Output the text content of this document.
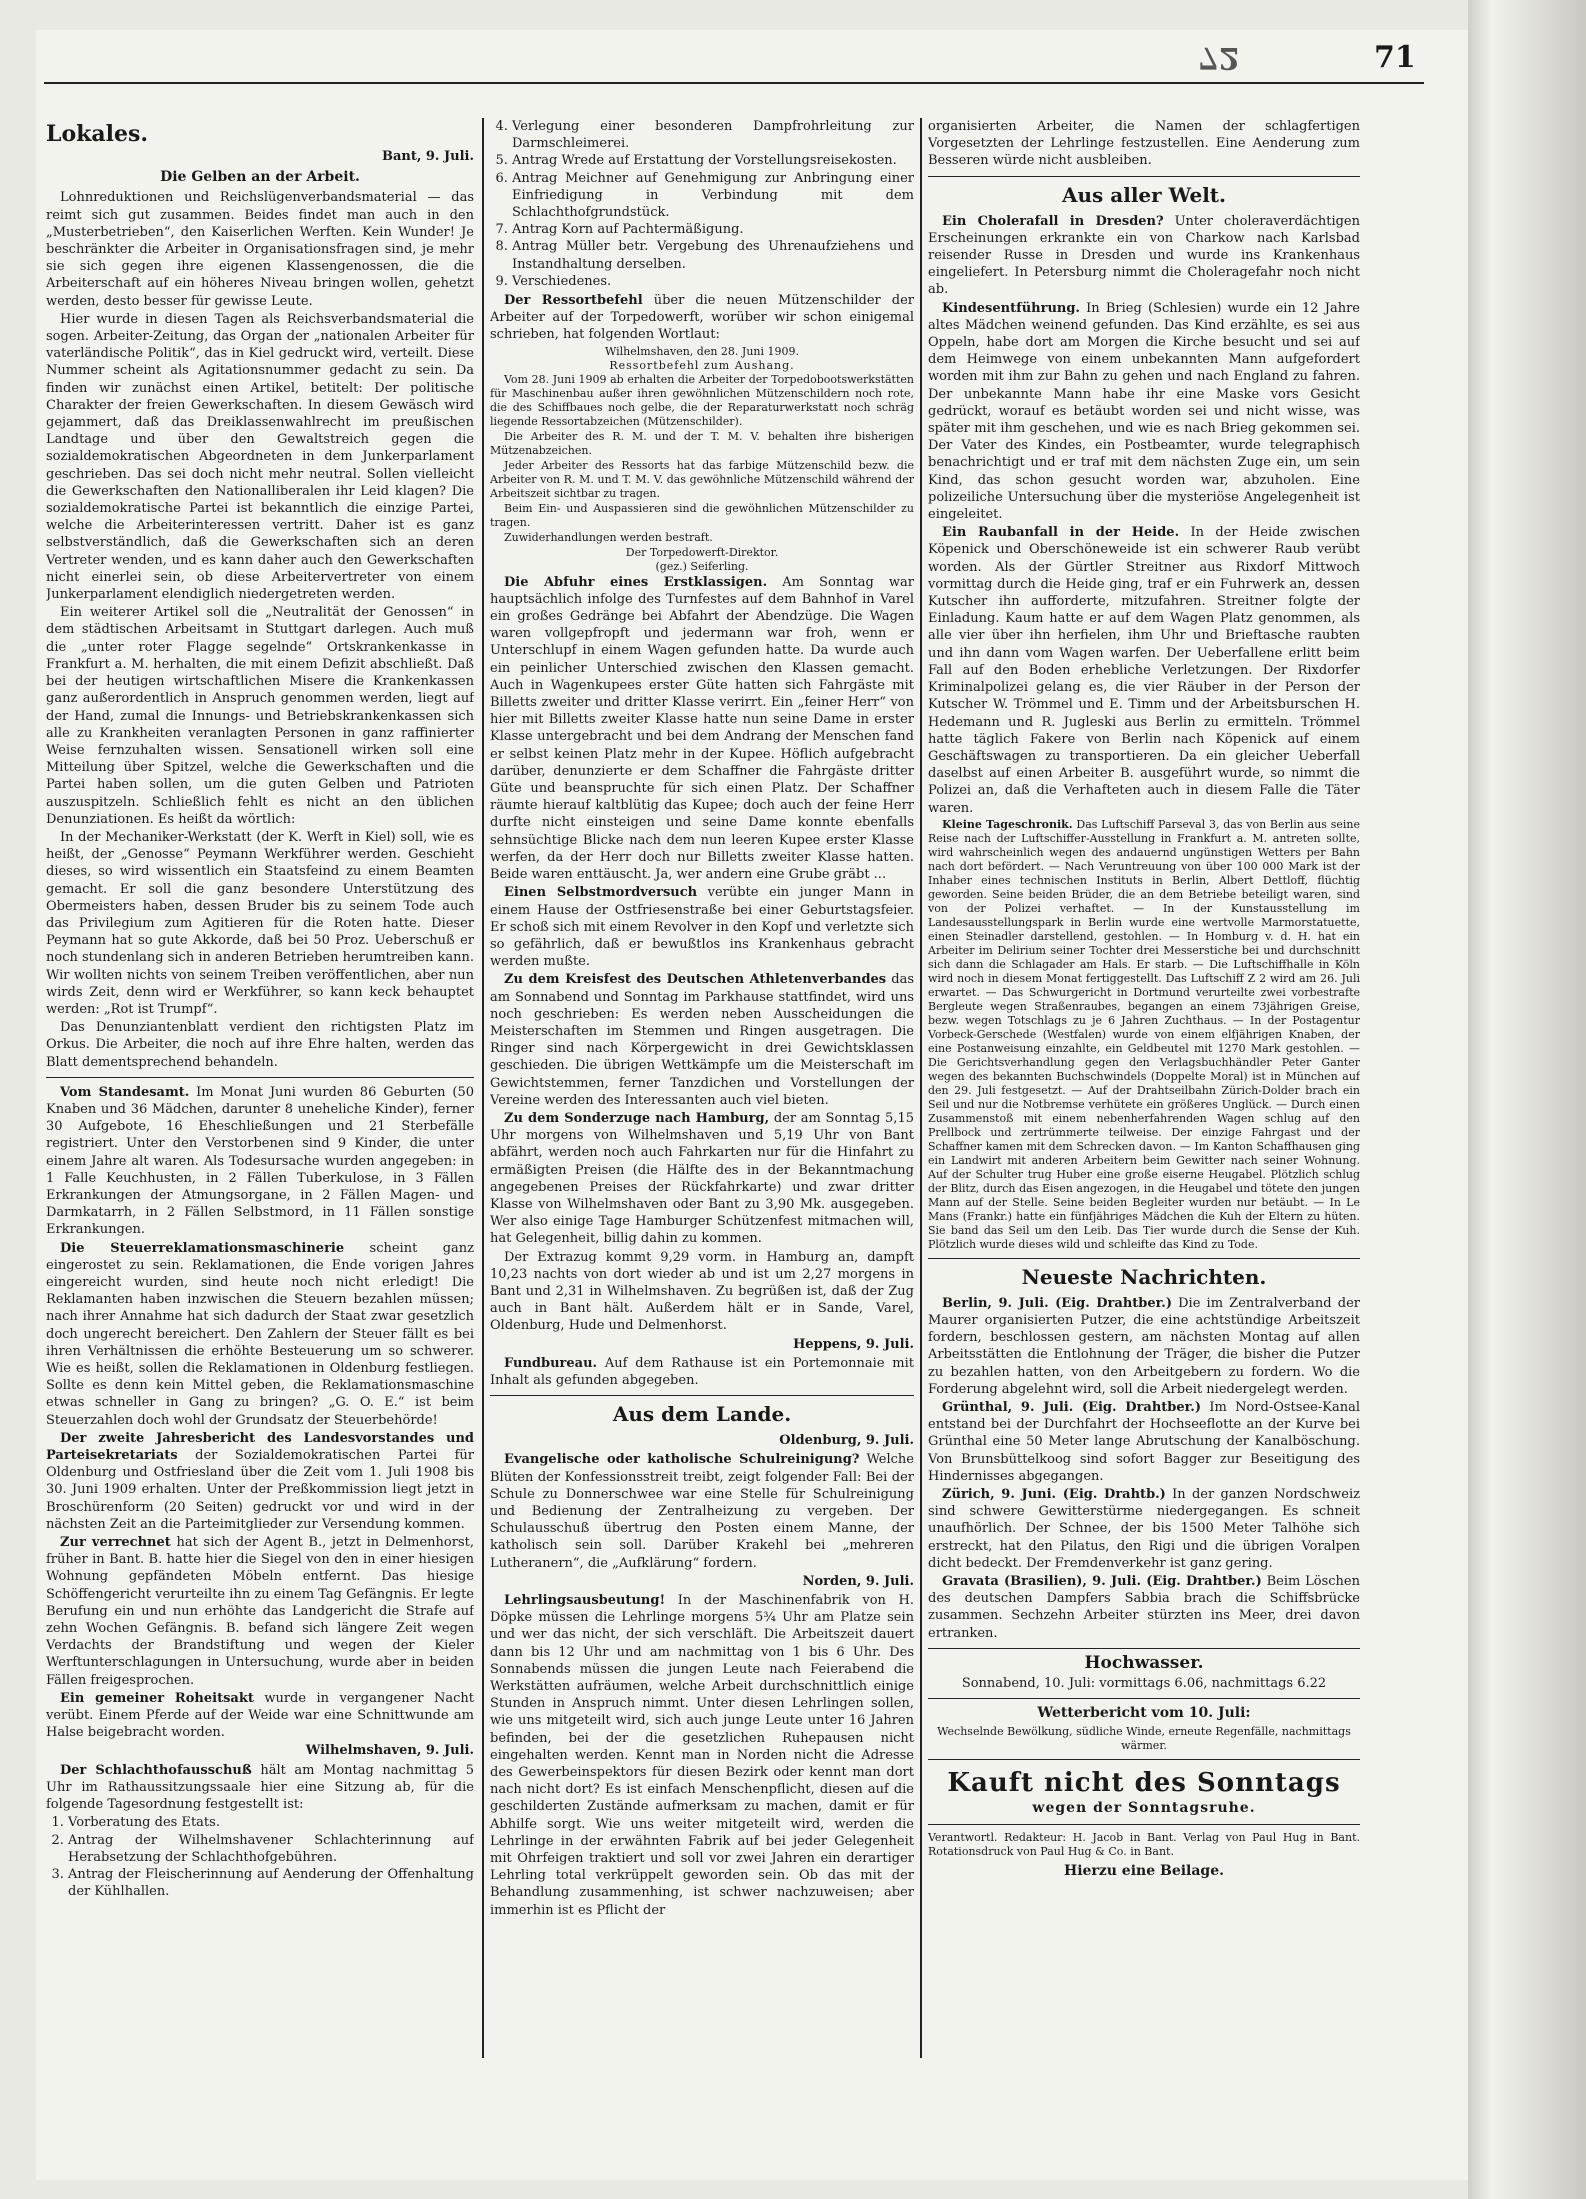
72	71
Lokales.
Bant, 9. Juli.
Die Gelben an der Arbeit.

Lohnreduktionen und Reichslügenverbandsmaterial — das reimt sich gut zusammen. Beides findet man auch in den „Musterbetrieben“, den Kaiserlichen Werften. Kein Wunder! Je beschränkter die Arbeiter in Organisationsfragen sind, je mehr sie sich gegen ihre eigenen Klassengenossen, die die Arbeiterschaft auf ein höheres Niveau bringen wollen, gehetzt werden, desto besser für gewisse Leute.

Hier wurde in diesen Tagen als Reichsverbandsmaterial die sogen. Arbeiter-Zeitung, das Organ der „nationalen Arbeiter für vaterländische Politik“, das in Kiel gedruckt wird, verteilt. Diese Nummer scheint als Agitationsnummer gedacht zu sein. Da finden wir zunächst einen Artikel, betitelt: Der politische Charakter der freien Gewerkschaften. In diesem Gewäsch wird gejammert, daß das Dreiklassenwahlrecht im preußischen Landtage und über den Gewaltstreich gegen die sozialdemokratischen Abgeordneten in dem Junkerparlament geschrieben. Das sei doch nicht mehr neutral. Sollen vielleicht die Gewerkschaften den Nationalliberalen ihr Leid klagen? Die sozialdemokratische Partei ist bekanntlich die einzige Partei, welche die Arbeiterinteressen vertritt. Daher ist es ganz selbstverständlich, daß die Gewerkschaften sich an deren Vertreter wenden, und es kann daher auch den Gewerkschaften nicht einerlei sein, ob diese Arbeitervertreter von einem Junkerparlament elendiglich niedergetreten werden.

Ein weiterer Artikel soll die „Neutralität der Genossen“ in dem städtischen Arbeitsamt in Stuttgart darlegen. Auch muß die „unter roter Flagge segelnde“ Ortskrankenkasse in Frankfurt a. M. herhalten, die mit einem Defizit abschließt. Daß bei der heutigen wirtschaftlichen Misere die Krankenkassen ganz außerordentlich in Anspruch genommen werden, liegt auf der Hand, zumal die Innungs- und Betriebskrankenkassen sich alle zu Krankheiten veranlagten Personen in ganz raffinierter Weise fernzuhalten wissen. Sensationell wirken soll eine Mitteilung über Spitzel, welche die Gewerkschaften und die Partei haben sollen, um die guten Gelben und Patrioten auszuspitzeln. Schließlich fehlt es nicht an den üblichen Denunziationen. Es heißt da wörtlich:

In der Mechaniker-Werkstatt (der K. Werft in Kiel) soll, wie es heißt, der „Genosse“ Peymann Werkführer werden. Geschieht dieses, so wird wissentlich ein Staatsfeind zu einem Beamten gemacht. Er soll die ganz besondere Unterstützung des Obermeisters haben, dessen Bruder bis zu seinem Tode auch das Privilegium zum Agitieren für die Roten hatte. Dieser Peymann hat so gute Akkorde, daß bei 50 Proz. Ueberschuß er noch stundenlang sich in anderen Betrieben herumtreiben kann. Wir wollten nichts von seinem Treiben veröffentlichen, aber nun wirds Zeit, denn wird er Werkführer, so kann keck behauptet werden: „Rot ist Trumpf“.

Das Denunziantenblatt verdient den richtigsten Platz im Orkus. Die Arbeiter, die noch auf ihre Ehre halten, werden das Blatt dementsprechend behandeln.

Vom Standesamt. Im Monat Juni wurden 86 Geburten (50 Knaben und 36 Mädchen, darunter 8 uneheliche Kinder), ferner 30 Aufgebote, 16 Eheschließungen und 21 Sterbefälle registriert. Unter den Verstorbenen sind 9 Kinder, die unter einem Jahre alt waren. Als Todesursache wurden angegeben: in 1 Falle Keuchhusten, in 2 Fällen Tuberkulose, in 3 Fällen Erkrankungen der Atmungsorgane, in 2 Fällen Magen- und Darmkatarrh, in 2 Fällen Selbstmord, in 11 Fällen sonstige Erkrankungen.

Die Steuerreklamationsmaschinerie scheint ganz eingerostet zu sein. Reklamationen, die Ende vorigen Jahres eingereicht wurden, sind heute noch nicht erledigt! Die Reklamanten haben inzwischen die Steuern bezahlen müssen; nach ihrer Annahme hat sich dadurch der Staat zwar gesetzlich doch ungerecht bereichert. Den Zahlern der Steuer fällt es bei ihren Verhältnissen die erhöhte Besteuerung um so schwerer. Wie es heißt, sollen die Reklamationen in Oldenburg festliegen. Sollte es denn kein Mittel geben, die Reklamationsmaschine etwas schneller in Gang zu bringen? „G. O. E.“ ist beim Steuerzahlen doch wohl der Grundsatz der Steuerbehörde!

Der zweite Jahresbericht des Landesvorstandes und Parteisekretariats der Sozialdemokratischen Partei für Oldenburg und Ostfriesland über die Zeit vom 1. Juli 1908 bis 30. Juni 1909 erhalten. Unter der Preßkommission liegt jetzt in Broschürenform (20 Seiten) gedruckt vor und wird in der nächsten Zeit an die Parteimitglieder zur Versendung kommen.

Zur verrechnet hat sich der Agent B., jetzt in Delmenhorst, früher in Bant. B. hatte hier die Siegel von den in einer hiesigen Wohnung gepfändeten Möbeln entfernt. Das hiesige Schöffengericht verurteilte ihn zu einem Tag Gefängnis. Er legte Berufung ein und nun erhöhte das Landgericht die Strafe auf zehn Wochen Gefängnis. B. befand sich längere Zeit wegen Verdachts der Brandstiftung und wegen der Kieler Werftunterschlagungen in Untersuchung, wurde aber in beiden Fällen freigesprochen.

Ein gemeiner Roheitsakt wurde in vergangener Nacht verübt. Einem Pferde auf der Weide war eine Schnittwunde am Halse beigebracht worden.

Wilhelmshaven, 9. Juli.

Der Schlachthofausschuß hält am Montag nachmittag 5 Uhr im Rathaussitzungssaale hier eine Sitzung ab, für die folgende Tagesordnung festgestellt ist:

1. Vorberatung des Etats.
2. Antrag der Wilhelmshavener Schlachterinnung auf Herabsetzung der Schlachthofgebühren.
3. Antrag der Fleischerinnung auf Aenderung der Offenhaltung der Kühlhallen.
4. Verlegung einer besonderen Dampfrohrleitung zur Darmschleimerei.
5. Antrag Wrede auf Erstattung der Vorstellungsreisekosten.
6. Antrag Meichner auf Genehmigung zur Anbringung einer Einfriedigung in Verbindung mit dem Schlachthofgrundstück.
7. Antrag Korn auf Pachtermäßigung.
8. Antrag Müller betr. Vergebung des Uhrenaufziehens und Instandhaltung derselben.
9. Verschiedenes.

Der Ressortbefehl über die neuen Mützenschilder der Arbeiter auf der Torpedowerft, worüber wir schon einigemal schrieben, hat folgenden Wortlaut:

Wilhelmshaven, den 28. Juni 1909.
Ressortbefehl zum Aushang.

Vom 28. Juni 1909 ab erhalten die Arbeiter der Torpedobootswerkstätten für Maschinenbau außer ihren gewöhnlichen Mützenschildern noch rote, die des Schiffbaues noch gelbe, die der Reparaturwerkstatt noch schräg liegende Ressortabzeichen (Mützenschilder).

Die Arbeiter des R. M. und der T. M. V. behalten ihre bisherigen Mützenabzeichen.

Jeder Arbeiter des Ressorts hat das farbige Mützenschild bezw. die Arbeiter von R. M. und T. M. V. das gewöhnliche Mützenschild während der Arbeitszeit sichtbar zu tragen.

Beim Ein- und Auspassieren sind die gewöhnlichen Mützenschilder zu tragen.

Zuwiderhandlungen werden bestraft.

Der Torpedowerft-Direktor.
(gez.) Seiferling.

Die Abfuhr eines Erstklassigen. Am Sonntag war hauptsächlich infolge des Turnfestes auf dem Bahnhof in Varel ein großes Gedränge bei Abfahrt der Abendzüge. Die Wagen waren vollgepfropft und jedermann war froh, wenn er Unterschlupf in einem Wagen gefunden hatte. Da wurde auch ein peinlicher Unterschied zwischen den Klassen gemacht. Auch in Wagenkupees erster Güte hatten sich Fahrgäste mit Billetts zweiter und dritter Klasse verirrt. Ein „feiner Herr“ von hier mit Billetts zweiter Klasse hatte nun seine Dame in erster Klasse untergebracht und bei dem Andrang der Menschen fand er selbst keinen Platz mehr in der Kupee. Höflich aufgebracht darüber, denunzierte er dem Schaffner die Fahrgäste dritter Güte und beanspruchte für sich einen Platz. Der Schaffner räumte hierauf kaltblütig das Kupee; doch auch der feine Herr durfte nicht einsteigen und seine Dame konnte ebenfalls sehnsüchtige Blicke nach dem nun leeren Kupee erster Klasse werfen, da der Herr doch nur Billetts zweiter Klasse hatten. Beide waren enttäuscht. Ja, wer andern eine Grube gräbt ...

Einen Selbstmordversuch verübte ein junger Mann in einem Hause der Ostfriesenstraße bei einer Geburtstagsfeier. Er schoß sich mit einem Revolver in den Kopf und verletzte sich so gefährlich, daß er bewußtlos ins Krankenhaus gebracht werden mußte.

Zu dem Kreisfest des Deutschen Athletenverbandes das am Sonnabend und Sonntag im Parkhause stattfindet, wird uns noch geschrieben: Es werden neben Ausscheidungen die Meisterschaften im Stemmen und Ringen ausgetragen. Die Ringer sind nach Körpergewicht in drei Gewichtsklassen geschieden. Die übrigen Wettkämpfe um die Meisterschaft im Gewichtstemmen, ferner Tanzdichen und Vorstellungen der Vereine werden des Interessanten auch viel bieten.

Zu dem Sonderzuge nach Hamburg, der am Sonntag 5,15 Uhr morgens von Wilhelmshaven und 5,19 Uhr von Bant abfährt, werden noch auch Fahrkarten nur für die Hinfahrt zu ermäßigten Preisen (die Hälfte des in der Bekanntmachung angegebenen Preises der Rückfahrkarte) und zwar dritter Klasse von Wilhelmshaven oder Bant zu 3,90 Mk. ausgegeben. Wer also einige Tage Hamburger Schützenfest mitmachen will, hat Gelegenheit, billig dahin zu kommen.

Der Extrazug kommt 9,29 vorm. in Hamburg an, dampft 10,23 nachts von dort wieder ab und ist um 2,27 morgens in Bant und 2,31 in Wilhelmshaven. Zu begrüßen ist, daß der Zug auch in Bant hält. Außerdem hält er in Sande, Varel, Oldenburg, Hude und Delmenhorst.

Heppens, 9. Juli.

Fundbureau. Auf dem Rathause ist ein Portemonnaie mit Inhalt als gefunden abgegeben.

Aus dem Lande.
Oldenburg, 9. Juli.

Evangelische oder katholische Schulreinigung? Welche Blüten der Konfessionsstreit treibt, zeigt folgender Fall: Bei der Schule zu Donnerschwee war eine Stelle für Schulreinigung und Bedienung der Zentralheizung zu vergeben. Der Schulausschuß übertrug den Posten einem Manne, der katholisch sein soll. Darüber Krakehl bei „mehreren Lutheranern“, die „Aufklärung“ fordern.

Norden, 9. Juli.

Lehrlingsausbeutung! In der Maschinenfabrik von H. Döpke müssen die Lehrlinge morgens 5¾ Uhr am Platze sein und wer das nicht, der sich verschläft. Die Arbeitszeit dauert dann bis 12 Uhr und am nachmittag von 1 bis 6 Uhr. Des Sonnabends müssen die jungen Leute nach Feierabend die Werkstätten aufräumen, welche Arbeit durchschnittlich einige Stunden in Anspruch nimmt. Unter diesen Lehrlingen sollen, wie uns mitgeteilt wird, sich auch junge Leute unter 16 Jahren befinden, bei der die gesetzlichen Ruhepausen nicht eingehalten werden. Kennt man in Norden nicht die Adresse des Gewerbeinspektors für diesen Bezirk oder kennt man dort nach nicht dort? Es ist einfach Menschenpflicht, diesen auf die geschilderten Zustände aufmerksam zu machen, damit er für Abhilfe sorgt. Wie uns weiter mitgeteilt wird, werden die Lehrlinge in der erwähnten Fabrik auf bei jeder Gelegenheit mit Ohrfeigen traktiert und soll vor zwei Jahren ein derartiger Lehrling total verkrüppelt geworden sein. Ob das mit der Behandlung zusammenhing, ist schwer nachzuweisen; aber immerhin ist es Pflicht der

organisierten Arbeiter, die Namen der schlagfertigen Vorgesetzten der Lehrlinge festzustellen. Eine Aenderung zum Besseren würde nicht ausbleiben.

Aus aller Welt.

Ein Cholerafall in Dresden? Unter choleraverdächtigen Erscheinungen erkrankte ein von Charkow nach Karlsbad reisender Russe in Dresden und wurde ins Krankenhaus eingeliefert. In Petersburg nimmt die Choleragefahr noch nicht ab.

Kindesentführung. In Brieg (Schlesien) wurde ein 12 Jahre altes Mädchen weinend gefunden. Das Kind erzählte, es sei aus Oppeln, habe dort am Morgen die Kirche besucht und sei auf dem Heimwege von einem unbekannten Mann aufgefordert worden mit ihm zur Bahn zu gehen und nach England zu fahren. Der unbekannte Mann habe ihr eine Maske vors Gesicht gedrückt, worauf es betäubt worden sei und nicht wisse, was später mit ihm geschehen, und wie es nach Brieg gekommen sei. Der Vater des Kindes, ein Postbeamter, wurde telegraphisch benachrichtigt und er traf mit dem nächsten Zuge ein, um sein Kind, das schon gesucht worden war, abzuholen. Eine polizeiliche Untersuchung über die mysteriöse Angelegenheit ist eingeleitet.

Ein Raubanfall in der Heide. In der Heide zwischen Köpenick und Oberschöneweide ist ein schwerer Raub verübt worden. Als der Gürtler Streitner aus Rixdorf Mittwoch vormittag durch die Heide ging, traf er ein Fuhrwerk an, dessen Kutscher ihn aufforderte, mitzufahren. Streitner folgte der Einladung. Kaum hatte er auf dem Wagen Platz genommen, als alle vier über ihn herfielen, ihm Uhr und Brieftasche raubten und ihn dann vom Wagen warfen. Der Ueberfallene erlitt beim Fall auf den Boden erhebliche Verletzungen. Der Rixdorfer Kriminalpolizei gelang es, die vier Räuber in der Person der Kutscher W. Trömmel und E. Timm und der Arbeitsburschen H. Hedemann und R. Jugleski aus Berlin zu ermitteln. Trömmel hatte täglich Fakere von Berlin nach Köpenick auf einem Geschäftswagen zu transportieren. Da ein gleicher Ueberfall daselbst auf einen Arbeiter B. ausgeführt wurde, so nimmt die Polizei an, daß die Verhafteten auch in diesem Falle die Täter waren.

Kleine Tageschronik. Das Luftschiff Parseval 3, das von Berlin aus seine Reise nach der Luftschiffer-Ausstellung in Frankfurt a. M. antreten sollte, wird wahrscheinlich wegen des andauernd ungünstigen Wetters per Bahn nach dort befördert. — Nach Veruntreuung von über 100 000 Mark ist der Inhaber eines technischen Instituts in Berlin, Albert Dettloff, flüchtig geworden. Seine beiden Brüder, die an dem Betriebe beteiligt waren, sind von der Polizei verhaftet. — In der Kunstausstellung im Landesausstellungspark in Berlin wurde eine wertvolle Marmorstatuette, einen Steinadler darstellend, gestohlen. — In Homburg v. d. H. hat ein Arbeiter im Delirium seiner Tochter drei Messerstiche bei und durchschnitt sich dann die Schlagader am Hals. Er starb. — Die Luftschiffhalle in Köln wird noch in diesem Monat fertiggestellt. Das Luftschiff Z 2 wird am 26. Juli erwartet. — Das Schwurgericht in Dortmund verurteilte zwei vorbestrafte Bergleute wegen Straßenraubes, begangen an einem 73jährigen Greise, bezw. wegen Totschlags zu je 6 Jahren Zuchthaus. — In der Postagentur Vorbeck-Gerschede (Westfalen) wurde von einem elfjährigen Knaben, der eine Postanweisung einzahlte, ein Geldbeutel mit 1270 Mark gestohlen. — Die Gerichtsverhandlung gegen den Verlagsbuchhändler Peter Ganter wegen des bekannten Buchschwindels (Doppelte Moral) ist in München auf den 29. Juli festgesetzt. — Auf der Drahtseilbahn Zürich-Dolder brach ein Seil und nur die Notbremse verhütete ein größeres Unglück. — Durch einen Zusammenstoß mit einem nebenherfahrenden Wagen schlug auf den Prellbock und zertrümmerte teilweise. Der einzige Fahrgast und der Schaffner kamen mit dem Schrecken davon. — Im Kanton Schaffhausen ging ein Landwirt mit anderen Arbeitern beim Gewitter nach seiner Wohnung. Auf der Schulter trug Huber eine große eiserne Heugabel. Plötzlich schlug der Blitz, durch das Eisen angezogen, in die Heugabel und tötete den jungen Mann auf der Stelle. Seine beiden Begleiter wurden nur betäubt. — In Le Mans (Frankr.) hatte ein fünfjähriges Mädchen die Kuh der Eltern zu hüten. Sie band das Seil um den Leib. Das Tier wurde durch die Sense der Kuh. Plötzlich wurde dieses wild und schleifte das Kind zu Tode.

Neueste Nachrichten.

Berlin, 9. Juli. (Eig. Drahtber.) Die im Zentralverband der Maurer organisierten Putzer, die eine achtstündige Arbeitszeit fordern, beschlossen gestern, am nächsten Montag auf allen Arbeitsstätten die Entlohnung der Träger, die bisher die Putzer zu bezahlen hatten, von den Arbeitgebern zu fordern. Wo die Forderung abgelehnt wird, soll die Arbeit niedergelegt werden.

Grünthal, 9. Juli. (Eig. Drahtber.) Im Nord-Ostsee-Kanal entstand bei der Durchfahrt der Hochseeflotte an der Kurve bei Grünthal eine 50 Meter lange Abrutschung der Kanalböschung. Von Brunsbüttelkoog sind sofort Bagger zur Beseitigung des Hindernisses abgegangen.

Zürich, 9. Juni. (Eig. Drahtb.) In der ganzen Nordschweiz sind schwere Gewitterstürme niedergegangen. Es schneit unaufhörlich. Der Schnee, der bis 1500 Meter Talhöhe sich erstreckt, hat den Pilatus, den Rigi und die übrigen Voralpen dicht bedeckt. Der Fremdenverkehr ist ganz gering.

Gravata (Brasilien), 9. Juli. (Eig. Drahtber.) Beim Löschen des deutschen Dampfers Sabbia brach die Schiffsbrücke zusammen. Sechzehn Arbeiter stürzten ins Meer, drei davon ertranken.

Hochwasser.
Sonnabend, 10. Juli: vormittags 6.06, nachmittags 6.22
Wetterbericht vom 10. Juli:
Wechselnde Bewölkung, südliche Winde, erneute Regenfälle, nachmittags wärmer.
Kauft nicht des Sonntags
wegen der Sonntagsruhe.

Verantwortl. Redakteur: H. Jacob in Bant. Verlag von Paul Hug in Bant. Rotationsdruck von Paul Hug & Co. in Bant.

Hierzu eine Beilage.
